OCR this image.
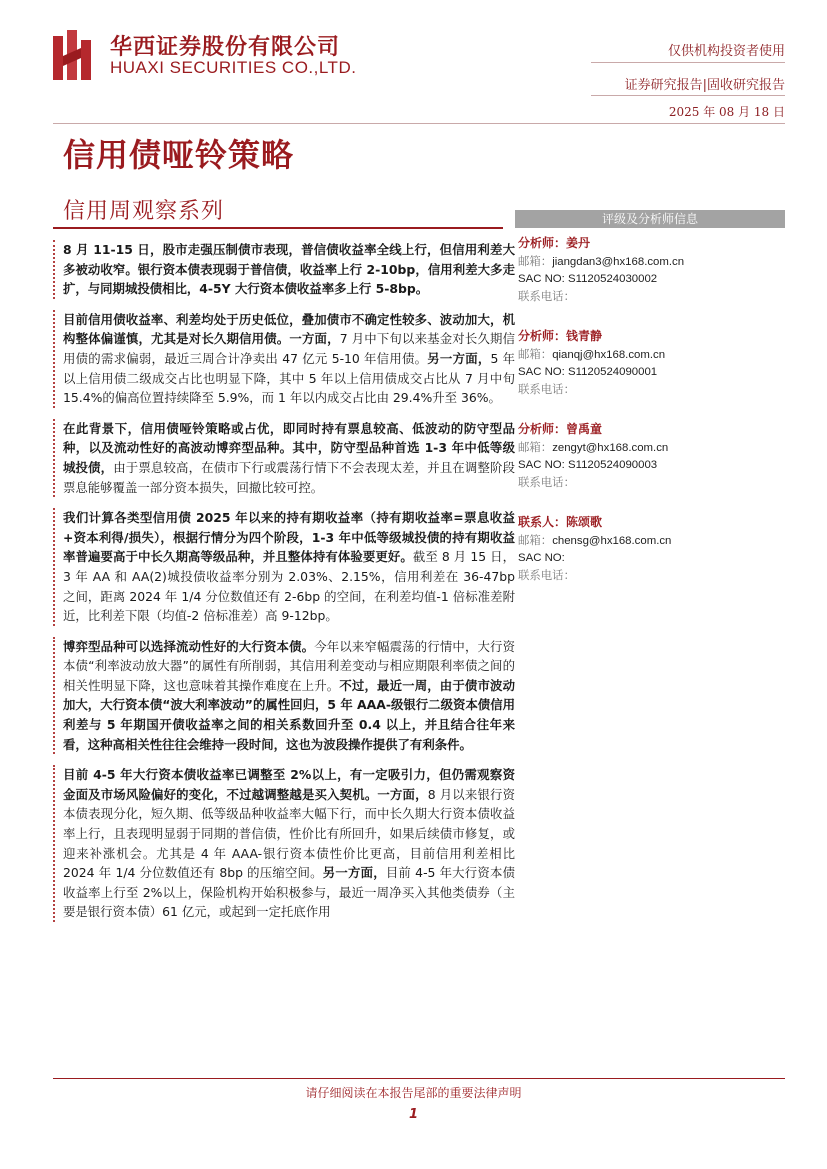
华西证券股份有限公司
HUAXI SECURITIES CO.,LTD.
仅供机构投资者使用
证券研究报告|固收研究报告
2025 年 08 月 18 日
信用债哑铃策略
信用周观察系列

8 月 11-15 日，股市走强压制债市表现，普信债收益率全线上行，但信用利差大多被动收窄。银行资本债表现弱于普信债，收益率上行 2-10bp，信用利差大多走扩，与同期城投债相比，4-5Y 大行资本债收益率多上行 5-8bp。

目前信用债收益率、利差均处于历史低位，叠加债市不确定性较多、波动加大，机构整体偏谨慎，尤其是对长久期信用债。一方面，7 月中下旬以来基金对长久期信用债的需求偏弱，最近三周合计净卖出 47 亿元 5-10 年信用债。另一方面，5 年以上信用债二级成交占比也明显下降，其中 5 年以上信用债成交占比从 7 月中旬 15.4%的偏高位置持续降至 5.9%，而 1 年以内成交占比由 29.4%升至 36%。

在此背景下，信用债哑铃策略或占优，即同时持有票息较高、低波动的防守型品种，以及流动性好的高波动博弈型品种。其中，防守型品种首选 1-3 年中低等级城投债，由于票息较高，在债市下行或震荡行情下不会表现太差，并且在调整阶段票息能够覆盖一部分资本损失，回撤比较可控。

我们计算各类型信用债 2025 年以来的持有期收益率（持有期收益率=票息收益+资本利得/损失），根据行情分为四个阶段，1-3 年中低等级城投债的持有期收益率普遍要高于中长久期高等级品种，并且整体持有体验要更好。截至 8 月 15 日，3 年 AA 和 AA(2)城投债收益率分别为 2.03%、2.15%，信用利差在 36-47bp 之间，距离 2024 年 1/4 分位数值还有 2-6bp 的空间，在利差均值-1 倍标准差附近，比利差下限（均值-2 倍标准差）高 9-12bp。

博弈型品种可以选择流动性好的大行资本债。今年以来窄幅震荡的行情中，大行资本债“利率波动放大器”的属性有所削弱，其信用利差变动与相应期限利率债之间的相关性明显下降，这也意味着其操作难度在上升。不过，最近一周，由于债市波动加大，大行资本债“波大利率波动”的属性回归，5 年 AAA-级银行二级资本债信用利差与 5 年期国开债收益率之间的相关系数回升至 0.4 以上，并且结合往年来看，这种高相关性往往会维持一段时间，这也为波段操作提供了有利条件。

目前 4-5 年大行资本债收益率已调整至 2%以上，有一定吸引力，但仍需观察资金面及市场风险偏好的变化，不过越调整越是买入契机。一方面，8 月以来银行资本债表现分化，短久期、低等级品种收益率大幅下行，而中长久期大行资本债收益率上行，且表现明显弱于同期的普信债，性价比有所回升，如果后续债市修复，或迎来补涨机会。尤其是 4 年 AAA-银行资本债性价比更高，目前信用利差相比 2024 年 1/4 分位数值还有 8bp 的压缩空间。另一方面，目前 4-5 年大行资本债收益率上行至 2%以上，保险机构开始积极参与，最近一周净买入其他类债券（主要是银行资本债）61 亿元，或起到一定托底作用

评级及分析师信息
分析师：姜丹
邮箱：jiangdan3@hx168.com.cn
SAC NO: S1120524030002
联系电话：
分析师：钱青静
邮箱：qianqj@hx168.com.cn
SAC NO: S1120524090001
联系电话：
分析师：曾禹童
邮箱：zengyt@hx168.com.cn
SAC NO: S1120524090003
联系电话：
联系人：陈颂歌
邮箱：chensg@hx168.com.cn
SAC NO:
联系电话：
请仔细阅读在本报告尾部的重要法律声明
1
